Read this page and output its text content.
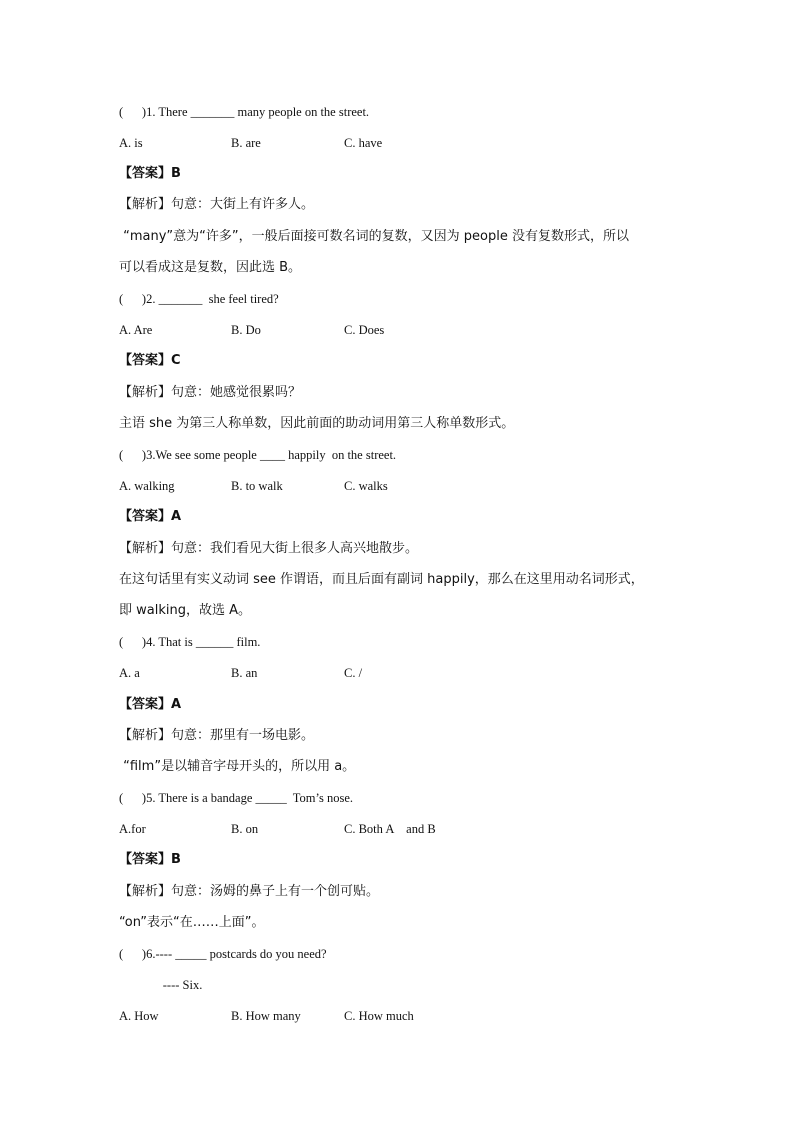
(      )1. There _______ many people on the street.

A. is

	B. are

	C. have

【答案】B
【解析】句意：大街上有许多人。
“many”意为“许多”，一般后面接可数名词的复数，又因为 people 没有复数形式，所以
可以看成这是复数，因此选 B。
(      )2. _______  she feel tired?

A. Are

	B. Do

	C. Does

【答案】C
【解析】句意：她感觉很累吗？
主语 she 为第三人称单数，因此前面的助动词用第三人称单数形式。
(      )3.We see some people ____ happily  on the street.

A. walking

	B. to walk

	C. walks

【答案】A
【解析】句意：我们看见大街上很多人高兴地散步。
在这句话里有实义动词 see 作谓语，而且后面有副词 happily，那么在这里用动名词形式，
即 walking，故选 A。
(      )4. That is ______ film.

A. a

	B. an

	C. /

【答案】A
【解析】句意：那里有一场电影。
“film”是以辅音字母开头的，所以用 a。
(      )5. There is a bandage _____  Tom’s nose.

A.for

	B. on

	C. Both A    and B

【答案】B
【解析】句意：汤姆的鼻子上有一个创可贴。
“on”表示“在……上面”。
(      )6.---- _____ postcards do you need?
---- Six.

A. How

	B. How many

	C. How much
